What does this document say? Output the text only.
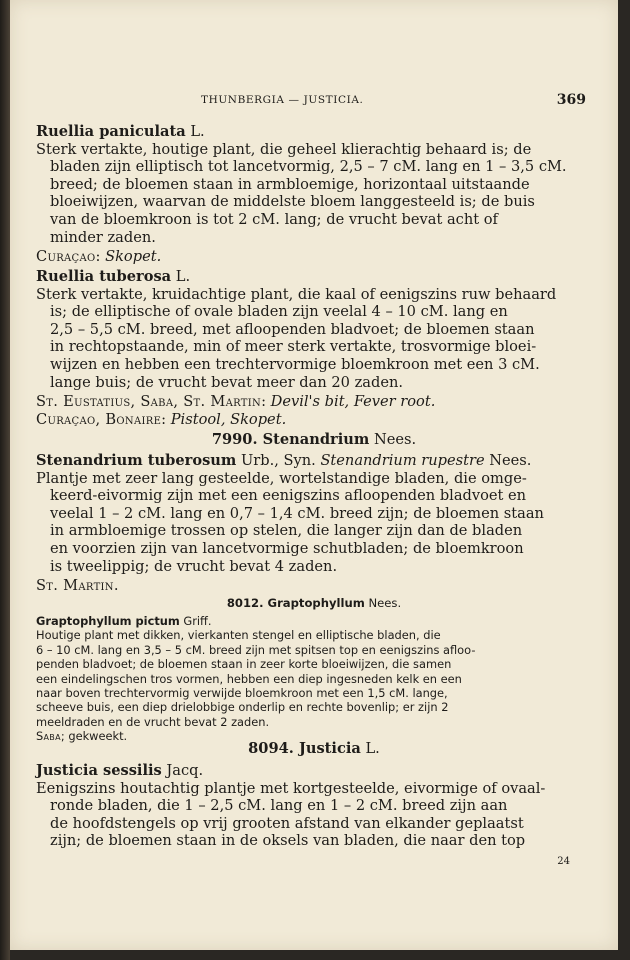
THUNBERGIA — JUSTICIA.	369
Ruellia paniculata L.
Sterk vertakte, houtige plant, die geheel klierachtig behaard is; de
bladen zijn elliptisch tot lancetvormig, 2,5 – 7 cM. lang en 1 – 3,5 cM.
breed; de bloemen staan in armbloemige, horizontaal uitstaande
bloeiwijzen, waarvan de middelste bloem langgesteeld is; de buis
van de bloemkroon is tot 2 cM. lang; de vrucht bevat acht of
minder zaden.
Curaçao: Skopet.
Ruellia tuberosa L.
Sterk vertakte, kruidachtige plant, die kaal of eenigszins ruw behaard
is; de elliptische of ovale bladen zijn veelal 4 – 10 cM. lang en
2,5 – 5,5 cM. breed, met afloopenden bladvoet; de bloemen staan
in rechtopstaande, min of meer sterk vertakte, trosvormige bloei-
wijzen en hebben een trechtervormige bloemkroon met een 3 cM.
lange buis; de vrucht bevat meer dan 20 zaden.
St. Eustatius, Saba, St. Martin: Devil's bit, Fever root.
Curaçao, Bonaire: Pistool, Skopet.
7990. Stenandrium Nees.
Stenandrium tuberosum Urb., Syn. Stenandrium rupestre Nees.
Plantje met zeer lang gesteelde, wortelstandige bladen, die omge-
keerd-eivormig zijn met een eenigszins afloopenden bladvoet en
veelal 1 – 2 cM. lang en 0,7 – 1,4 cM. breed zijn; de bloemen staan
in armbloemige trossen op stelen, die langer zijn dan de bladen
en voorzien zijn van lancetvormige schutbladen; de bloemkroon
is tweelippig; de vrucht bevat 4 zaden.
St. Martin.
8012. Graptophyllum Nees.
Graptophyllum pictum Griff.
Houtige plant met dikken, vierkanten stengel en elliptische bladen, die
6 – 10 cM. lang en 3,5 – 5 cM. breed zijn met spitsen top en eenigszins afloo-
penden bladvoet; de bloemen staan in zeer korte bloeiwijzen, die samen
een eindelingschen tros vormen, hebben een diep ingesneden kelk en een
naar boven trechtervormig verwijde bloemkroon met een 1,5 cM. lange,
scheeve buis, een diep drielobbige onderlip en rechte bovenlip; er zijn 2
meeldraden en de vrucht bevat 2 zaden.
Saba; gekweekt.
8094. Justicia L.
Justicia sessilis Jacq.
Eenigszins houtachtig plantje met kortgesteelde, eivormige of ovaal-
ronde bladen, die 1 – 2,5 cM. lang en 1 – 2 cM. breed zijn aan
de hoofdstengels op vrij grooten afstand van elkander geplaatst
zijn; de bloemen staan in de oksels van bladen, die naar den top
24
